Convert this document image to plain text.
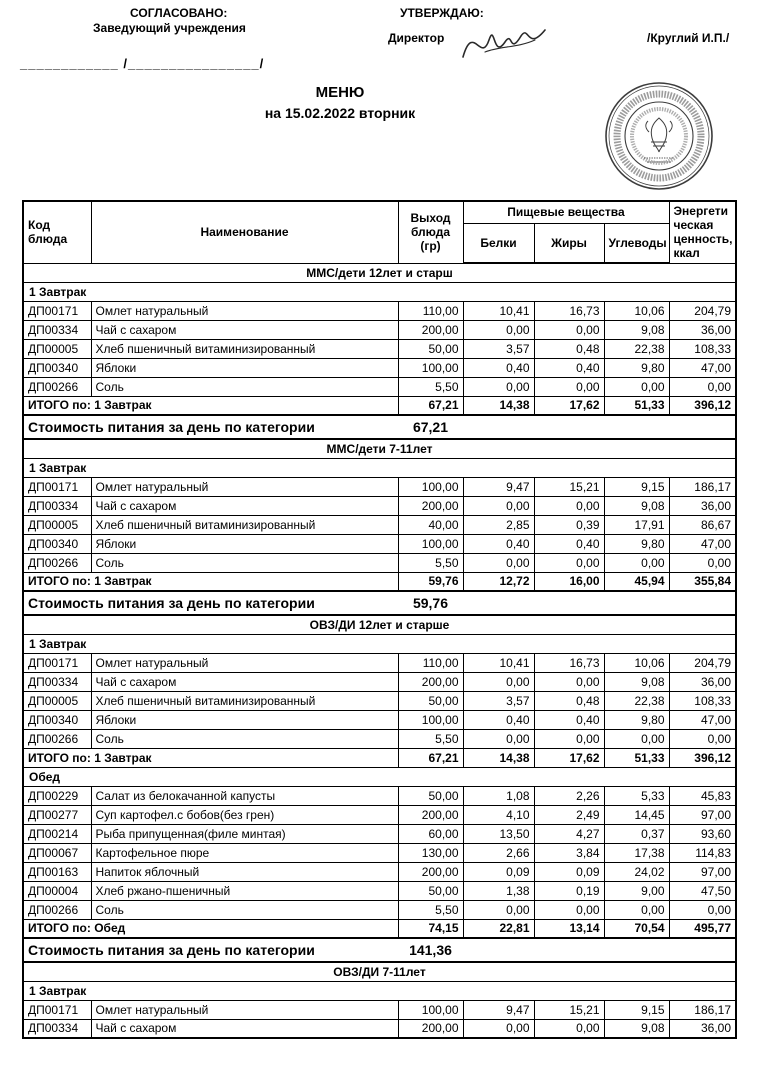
СОГЛАСОВАНО:
Заведующий учреждения
УТВЕРЖДАЮ:
Директор	/Круглий И.П./
____________ /________________/
МЕНЮ
на 15.02.2022 вторник
Код блюда	Наименование	Выход блюда (гр)	Пищевые вещества			Энергети ческая ценность, ккал
			Белки	Жиры	Углеводы	
ММС/дети 12лет и старш						
1 Завтрак						
ДП00171	Омлет натуральный	110,00	10,41	16,73	10,06	204,79
ДП00334	Чай с сахаром	200,00	0,00	0,00	9,08	36,00
ДП00005	Хлеб пшеничный витаминизированный	50,00	3,57	0,48	22,38	108,33
ДП00340	Яблоки	100,00	0,40	0,40	9,80	47,00
ДП00266	Соль	5,50	0,00	0,00	0,00	0,00
ИТОГО по: 1 Завтрак		67,21	14,38	17,62	51,33	396,12
Стоимость питания за день по категории		67,21				
ММС/дети 7-11лет						
1 Завтрак						
ДП00171	Омлет натуральный	100,00	9,47	15,21	9,15	186,17
ДП00334	Чай с сахаром	200,00	0,00	0,00	9,08	36,00
ДП00005	Хлеб пшеничный витаминизированный	40,00	2,85	0,39	17,91	86,67
ДП00340	Яблоки	100,00	0,40	0,40	9,80	47,00
ДП00266	Соль	5,50	0,00	0,00	0,00	0,00
ИТОГО по: 1 Завтрак		59,76	12,72	16,00	45,94	355,84
Стоимость питания за день по категории		59,76				
ОВЗ/ДИ 12лет и старше						
1 Завтрак						
ДП00171	Омлет натуральный	110,00	10,41	16,73	10,06	204,79
ДП00334	Чай с сахаром	200,00	0,00	0,00	9,08	36,00
ДП00005	Хлеб пшеничный витаминизированный	50,00	3,57	0,48	22,38	108,33
ДП00340	Яблоки	100,00	0,40	0,40	9,80	47,00
ДП00266	Соль	5,50	0,00	0,00	0,00	0,00
ИТОГО по: 1 Завтрак		67,21	14,38	17,62	51,33	396,12
Обед						
ДП00229	Салат из белокачанной капусты	50,00	1,08	2,26	5,33	45,83
ДП00277	Суп картофел.с бобов(без грен)	200,00	4,10	2,49	14,45	97,00
ДП00214	Рыба припущенная(филе минтая)	60,00	13,50	4,27	0,37	93,60
ДП00067	Картофельное пюре	130,00	2,66	3,84	17,38	114,83
ДП00163	Напиток яблочный	200,00	0,09	0,09	24,02	97,00
ДП00004	Хлеб ржано-пшеничный	50,00	1,38	0,19	9,00	47,50
ДП00266	Соль	5,50	0,00	0,00	0,00	0,00
ИТОГО по: Обед		74,15	22,81	13,14	70,54	495,77
Стоимость питания за день по категории		141,36				
ОВЗ/ДИ 7-11лет						
1 Завтрак						
ДП00171	Омлет натуральный	100,00	9,47	15,21	9,15	186,17
ДП00334	Чай с сахаром	200,00	0,00	0,00	9,08	36,00
